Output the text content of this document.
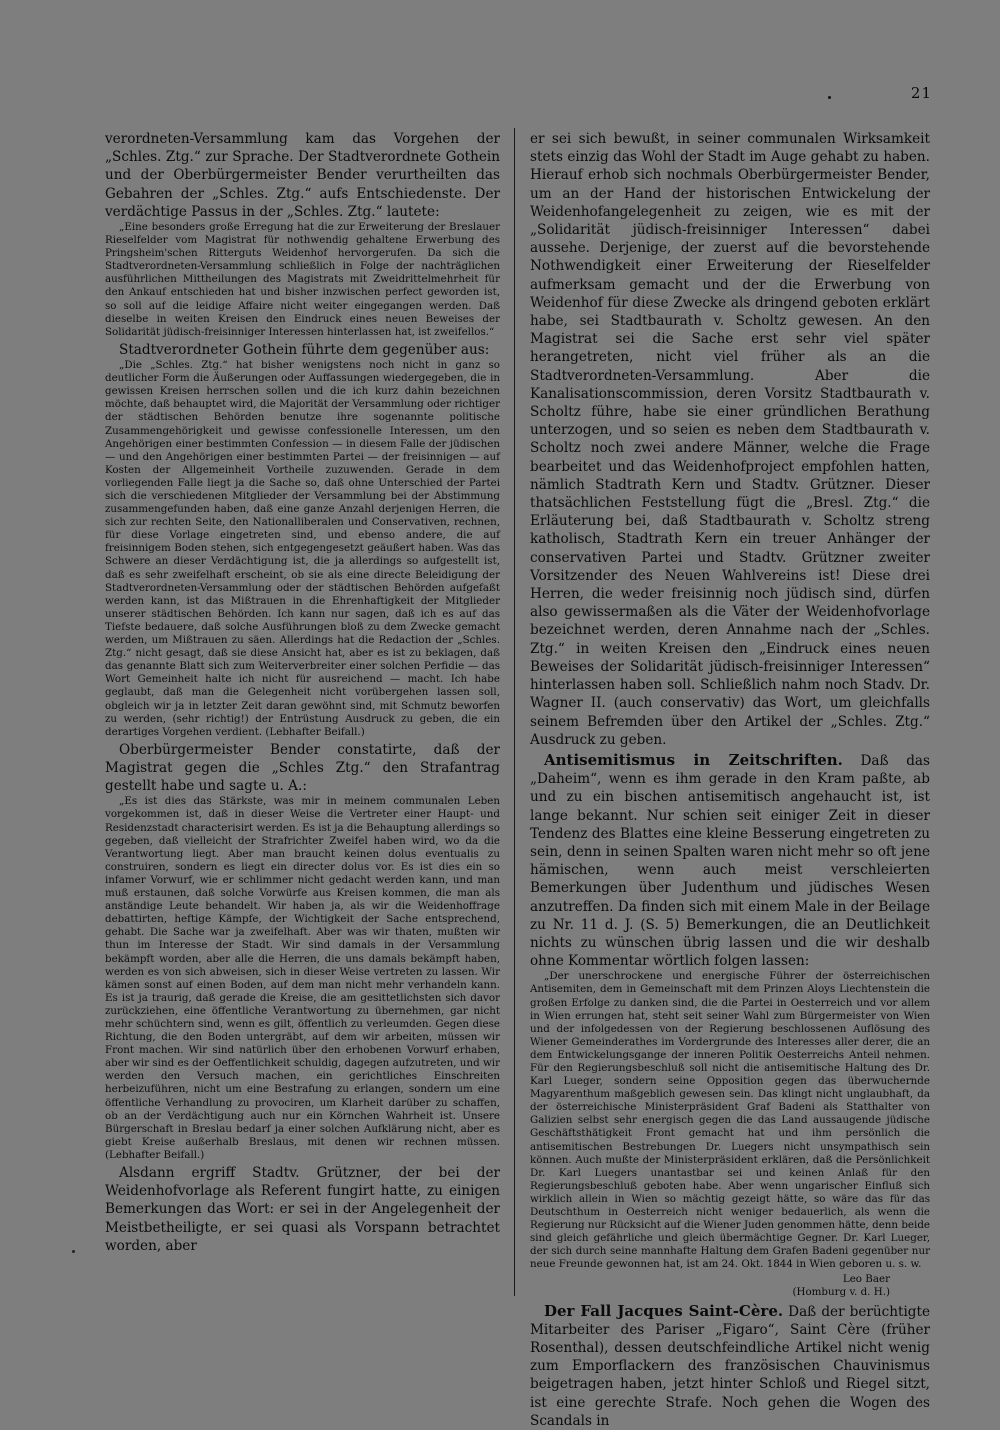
21

verordneten-Versammlung kam das Vorgehen der „Schles. Ztg.“ zur Sprache. Der Stadtverordnete Gothein und der Oberbürgermeister Bender verurtheilten das Gebahren der „Schles. Ztg.“ aufs Entschiedenste. Der verdächtige Passus in der „Schles. Ztg.“ lautete:

„Eine besonders große Erregung hat die zur Erweiterung der Breslauer Rieselfelder vom Magistrat für nothwendig gehaltene Erwerbung des Pringsheim'schen Ritterguts Weidenhof hervorgerufen. Da sich die Stadtverordneten-Versammlung schließlich in Folge der nachträglichen ausführlichen Mittheilungen des Magistrats mit Zweidrittelmehrheit für den Ankauf entschieden hat und bisher inzwischen perfect geworden ist, so soll auf die leidige Affaire nicht weiter eingegangen werden. Daß dieselbe in weiten Kreisen den Eindruck eines neuen Beweises der Solidarität jüdisch-freisinniger Interessen hinterlassen hat, ist zweifellos.“

Stadtverordneter Gothein führte dem gegenüber aus:

„Die „Schles. Ztg.“ hat bisher wenigstens noch nicht in ganz so deutlicher Form die Äußerungen oder Auffassungen wiedergegeben, die in gewissen Kreisen herrschen sollen und die ich kurz dahin bezeichnen möchte, daß behauptet wird, die Majorität der Versammlung oder richtiger der städtischen Behörden benutze ihre sogenannte politische Zusammengehörigkeit und gewisse confessionelle Interessen, um den Angehörigen einer bestimmten Confession — in diesem Falle der jüdischen — und den Angehörigen einer bestimmten Partei — der freisinnigen — auf Kosten der Allgemeinheit Vortheile zuzuwenden. Gerade in dem vorliegenden Falle liegt ja die Sache so, daß ohne Unterschied der Partei sich die verschiedenen Mitglieder der Versammlung bei der Abstimmung zusammengefunden haben, daß eine ganze Anzahl derjenigen Herren, die sich zur rechten Seite, den Nationalliberalen und Conservativen, rechnen, für diese Vorlage eingetreten sind, und ebenso andere, die auf freisinnigem Boden stehen, sich entgegengesetzt geäußert haben. Was das Schwere an dieser Verdächtigung ist, die ja allerdings so aufgestellt ist, daß es sehr zweifelhaft erscheint, ob sie als eine directe Beleidigung der Stadtverordneten-Versammlung oder der städtischen Behörden aufgefaßt werden kann, ist das Mißtrauen in die Ehrenhaftigkeit der Mitglieder unserer städtischen Behörden. Ich kann nur sagen, daß ich es auf das Tiefste bedauere, daß solche Ausführungen bloß zu dem Zwecke gemacht werden, um Mißtrauen zu säen. Allerdings hat die Redaction der „Schles. Ztg.“ nicht gesagt, daß sie diese Ansicht hat, aber es ist zu beklagen, daß das genannte Blatt sich zum Weiterverbreiter einer solchen Perfidie — das Wort Gemeinheit halte ich nicht für ausreichend — macht. Ich habe geglaubt, daß man die Gelegenheit nicht vorübergehen lassen soll, obgleich wir ja in letzter Zeit daran gewöhnt sind, mit Schmutz beworfen zu werden, (sehr richtig!) der Entrüstung Ausdruck zu geben, die ein derartiges Vorgehen verdient. (Lebhafter Beifall.)

Oberbürgermeister Bender constatirte, daß der Magistrat gegen die „Schles Ztg.“ den Strafantrag gestellt habe und sagte u. A.:

„Es ist dies das Stärkste, was mir in meinem communalen Leben vorgekommen ist, daß in dieser Weise die Vertreter einer Haupt- und Residenzstadt characterisirt werden. Es ist ja die Behauptung allerdings so gegeben, daß vielleicht der Strafrichter Zweifel haben wird, wo da die Verantwortung liegt. Aber man braucht keinen dolus eventualis zu construiren, sondern es liegt ein directer dolus vor. Es ist dies ein so infamer Vorwurf, wie er schlimmer nicht gedacht werden kann, und man muß erstaunen, daß solche Vorwürfe aus Kreisen kommen, die man als anständige Leute behandelt. Wir haben ja, als wir die Weidenhoffrage debattirten, heftige Kämpfe, der Wichtigkeit der Sache entsprechend, gehabt. Die Sache war ja zweifelhaft. Aber was wir thaten, mußten wir thun im Interesse der Stadt. Wir sind damals in der Versammlung bekämpft worden, aber alle die Herren, die uns damals bekämpft haben, werden es von sich abweisen, sich in dieser Weise vertreten zu lassen. Wir kämen sonst auf einen Boden, auf dem man nicht mehr verhandeln kann. Es ist ja traurig, daß gerade die Kreise, die am gesittetlichsten sich davor zurückziehen, eine öffentliche Verantwortung zu übernehmen, gar nicht mehr schüchtern sind, wenn es gilt, öffentlich zu verleumden. Gegen diese Richtung, die den Boden untergräbt, auf dem wir arbeiten, müssen wir Front machen. Wir sind natürlich über den erhobenen Vorwurf erhaben, aber wir sind es der Oeffentlichkeit schuldig, dagegen aufzutreten, und wir werden den Versuch machen, ein gerichtliches Einschreiten herbeizuführen, nicht um eine Bestrafung zu erlangen, sondern um eine öffentliche Verhandlung zu provociren, um Klarheit darüber zu schaffen, ob an der Verdächtigung auch nur ein Körnchen Wahrheit ist. Unsere Bürgerschaft in Breslau bedarf ja einer solchen Aufklärung nicht, aber es giebt Kreise außerhalb Breslaus, mit denen wir rechnen müssen. (Lebhafter Beifall.)

Alsdann ergriff Stadtv. Grützner, der bei der Weidenhofvorlage als Referent fungirt hatte, zu einigen Bemerkungen das Wort: er sei in der Angelegenheit der Meistbetheiligte, er sei quasi als Vorspann betrachtet worden, aber

er sei sich bewußt, in seiner communalen Wirksamkeit stets einzig das Wohl der Stadt im Auge gehabt zu haben. Hierauf erhob sich nochmals Oberbürgermeister Bender, um an der Hand der historischen Entwickelung der Weidenhofangelegenheit zu zeigen, wie es mit der „Solidarität jüdisch-freisinniger Interessen“ dabei aussehe. Derjenige, der zuerst auf die bevorstehende Nothwendigkeit einer Erweiterung der Rieselfelder aufmerksam gemacht und der die Erwerbung von Weidenhof für diese Zwecke als dringend geboten erklärt habe, sei Stadtbaurath v. Scholtz gewesen. An den Magistrat sei die Sache erst sehr viel später herangetreten, nicht viel früher als an die Stadtverordneten-Versammlung. Aber die Kanalisationscommission, deren Vorsitz Stadtbaurath v. Scholtz führe, habe sie einer gründlichen Berathung unterzogen, und so seien es neben dem Stadtbaurath v. Scholtz noch zwei andere Männer, welche die Frage bearbeitet und das Weidenhofproject empfohlen hatten, nämlich Stadtrath Kern und Stadtv. Grützner. Dieser thatsächlichen Feststellung fügt die „Bresl. Ztg.“ die Erläuterung bei, daß Stadtbaurath v. Scholtz streng katholisch, Stadtrath Kern ein treuer Anhänger der conservativen Partei und Stadtv. Grützner zweiter Vorsitzender des Neuen Wahlvereins ist! Diese drei Herren, die weder freisinnig noch jüdisch sind, dürfen also gewissermaßen als die Väter der Weidenhofvorlage bezeichnet werden, deren Annahme nach der „Schles. Ztg.“ in weiten Kreisen den „Eindruck eines neuen Beweises der Solidarität jüdisch-freisinniger Interessen“ hinterlassen haben soll. Schließlich nahm noch Stadv. Dr. Wagner II. (auch conservativ) das Wort, um gleichfalls seinem Befremden über den Artikel der „Schles. Ztg.“ Ausdruck zu geben.

Antisemitismus in Zeitschriften. Daß das „Daheim“, wenn es ihm gerade in den Kram paßte, ab und zu ein bischen antisemitisch angehaucht ist, ist lange bekannt. Nur schien seit einiger Zeit in dieser Tendenz des Blattes eine kleine Besserung eingetreten zu sein, denn in seinen Spalten waren nicht mehr so oft jene hämischen, wenn auch meist verschleierten Bemerkungen über Judenthum und jüdisches Wesen anzutreffen. Da finden sich mit einem Male in der Beilage zu Nr. 11 d. J. (S. 5) Bemerkungen, die an Deutlichkeit nichts zu wünschen übrig lassen und die wir deshalb ohne Kommentar wörtlich folgen lassen:

„Der unerschrockene und energische Führer der österreichischen Antisemiten, dem in Gemeinschaft mit dem Prinzen Aloys Liechtenstein die großen Erfolge zu danken sind, die die Partei in Oesterreich und vor allem in Wien errungen hat, steht seit seiner Wahl zum Bürgermeister von Wien und der infolgedessen von der Regierung beschlossenen Auflösung des Wiener Gemeinderathes im Vordergrunde des Interesses aller derer, die an dem Entwickelungsgange der inneren Politik Oesterreichs Anteil nehmen. Für den Regierungsbeschluß soll nicht die antisemitische Haltung des Dr. Karl Lueger, sondern seine Opposition gegen das überwuchernde Magyarenthum maßgeblich gewesen sein. Das klingt nicht unglaubhaft, da der österreichische Ministerpräsident Graf Badeni als Statthalter von Galizien selbst sehr energisch gegen die das Land aussaugende jüdische Geschäftsthätigkeit Front gemacht hat und ihm persönlich die antisemitischen Bestrebungen Dr. Luegers nicht unsympathisch sein können. Auch mußte der Ministerpräsident erklären, daß die Persönlichkeit Dr. Karl Luegers unantastbar sei und keinen Anlaß für den Regierungsbeschluß geboten habe. Aber wenn ungarischer Einfluß sich wirklich allein in Wien so mächtig gezeigt hätte, so wäre das für das Deutschthum in Oesterreich nicht weniger bedauerlich, als wenn die Regierung nur Rücksicht auf die Wiener Juden genommen hätte, denn beide sind gleich gefährliche und gleich übermächtige Gegner. Dr. Karl Lueger, der sich durch seine mannhafte Haltung dem Grafen Badeni gegenüber nur neue Freunde gewonnen hat, ist am 24. Okt. 1844 in Wien geboren u. s. w.

Leo Baer
(Homburg v. d. H.)

Der Fall Jacques Saint-Cère. Daß der berüchtigte Mitarbeiter des Pariser „Figaro“, Saint Cère (früher Rosenthal), dessen deutschfeindliche Artikel nicht wenig zum Emporflackern des französischen Chauvinismus beigetragen haben, jetzt hinter Schloß und Riegel sitzt, ist eine gerechte Strafe. Noch gehen die Wogen des Scandals in
